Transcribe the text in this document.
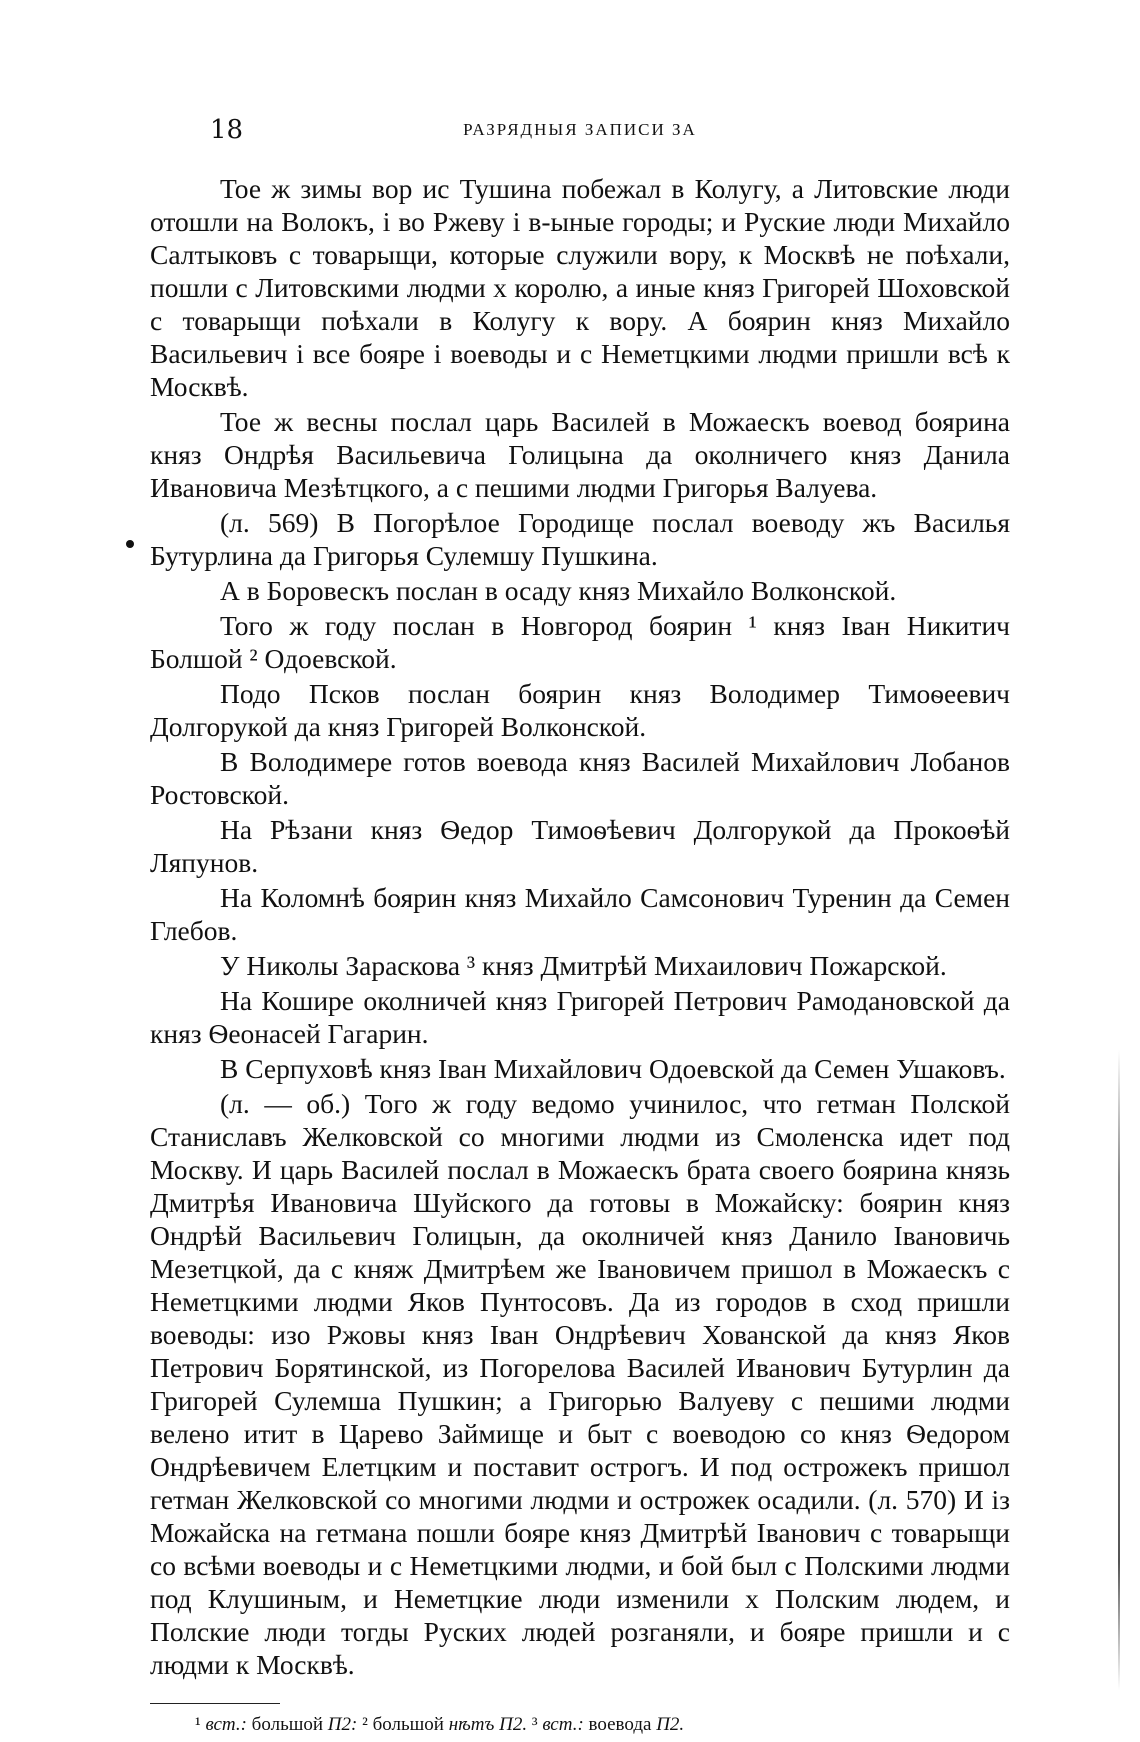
18	РАЗРЯДНЫЯ ЗАПИСИ ЗА

Тое ж зимы вор ис Тушина побежал в Колугу, а Литовские люди отошли на Волокъ, і во Ржеву і в-ыные городы; и Руские люди Михайло Салтыковъ с товарыщи, которые служили вору, к Москвѣ не поѣхали, пошли с Литовскими людми х королю, а иные княз Григорей Шоховской с товарыщи поѣхали в Колугу к вору. А боярин княз Михайло Васильевич і все бояре і воеводы и с Неметцкими людми пришли всѣ к Москвѣ.

Тое ж весны послал царь Василей в Можаескъ воевод боярина княз Ондрѣя Васильевича Голицына да околничего княз Данила Ивановича Мезѣтцкого, а с пешими людми Григорья Валуева.

(л. 569) В Погорѣлое Городище послал воеводу жъ Василья Бутурлина да Григорья Сулемшу Пушкина.

А в Боровескъ послан в осаду княз Михайло Волконской.

Того ж году послан в Новгород боярин ¹ княз Іван Никитич Болшой ² Одоевской.

Подо Псков послан боярин княз Володимер Тимоѳеевич Долгорукой да княз Григорей Волконской.

В Володимере готов воевода княз Василей Михайлович Лобанов Ростовской.

На Рѣзани княз Ѳедор Тимоѳѣевич Долгорукой да Прокоѳѣй Ляпунов.

На Коломнѣ боярин княз Михайло Самсонович Туренин да Семен Глебов.

У Николы Зараскова ³ княз Дмитрѣй Михаилович Пожарской.

На Кошире околничей княз Григорей Петрович Рамодановской да княз Ѳеонасей Гагарин.

В Серпуховѣ княз Іван Михайлович Одоевской да Семен Ушаковъ.

(л. — об.) Того ж году ведомо учинилос, что гетман Полской Станиславъ Желковской со многими людми из Смоленска идет под Москву. И царь Василей послал в Можаескъ брата своего боярина князь Дмитрѣя Ивановича Шуйского да готовы в Можайску: боярин княз Ондрѣй Васильевич Голицын, да околничей княз Данило Івановичь Мезетцкой, да с княж Дмитрѣем же Івановичем пришол в Можаескъ с Неметцкими людми Яков Пунтосовъ. Да из городов в сход пришли воеводы: изо Ржовы княз Іван Ондрѣевич Хованской да княз Яков Петрович Борятинской, из Погорелова Василей Иванович Бутурлин да Григорей Сулемша Пушкин; а Григорью Валуеву с пешими людми велено итит в Царево Займище и быт с воеводою со княз Ѳедором Ондрѣевичем Елетцким и поставит острогъ. И под острожекъ пришол гетман Желковской со многими людми и острожек осадили. (л. 570) И із Можайска на гетмана пошли бояре княз Дмитрѣй Іванович с товарыщи со всѣми воеводы и с Неметцкими людми, и бой был с Полскими людми под Клушиным, и Неметцкие люди изменили х Полским людем, и Полские люди тогды Руских людей розганяли, и бояре пришли и с людми к Москвѣ.

¹ вст.: большой П2: ² большой нѣтъ П2. ³ вст.: воевода П2.
